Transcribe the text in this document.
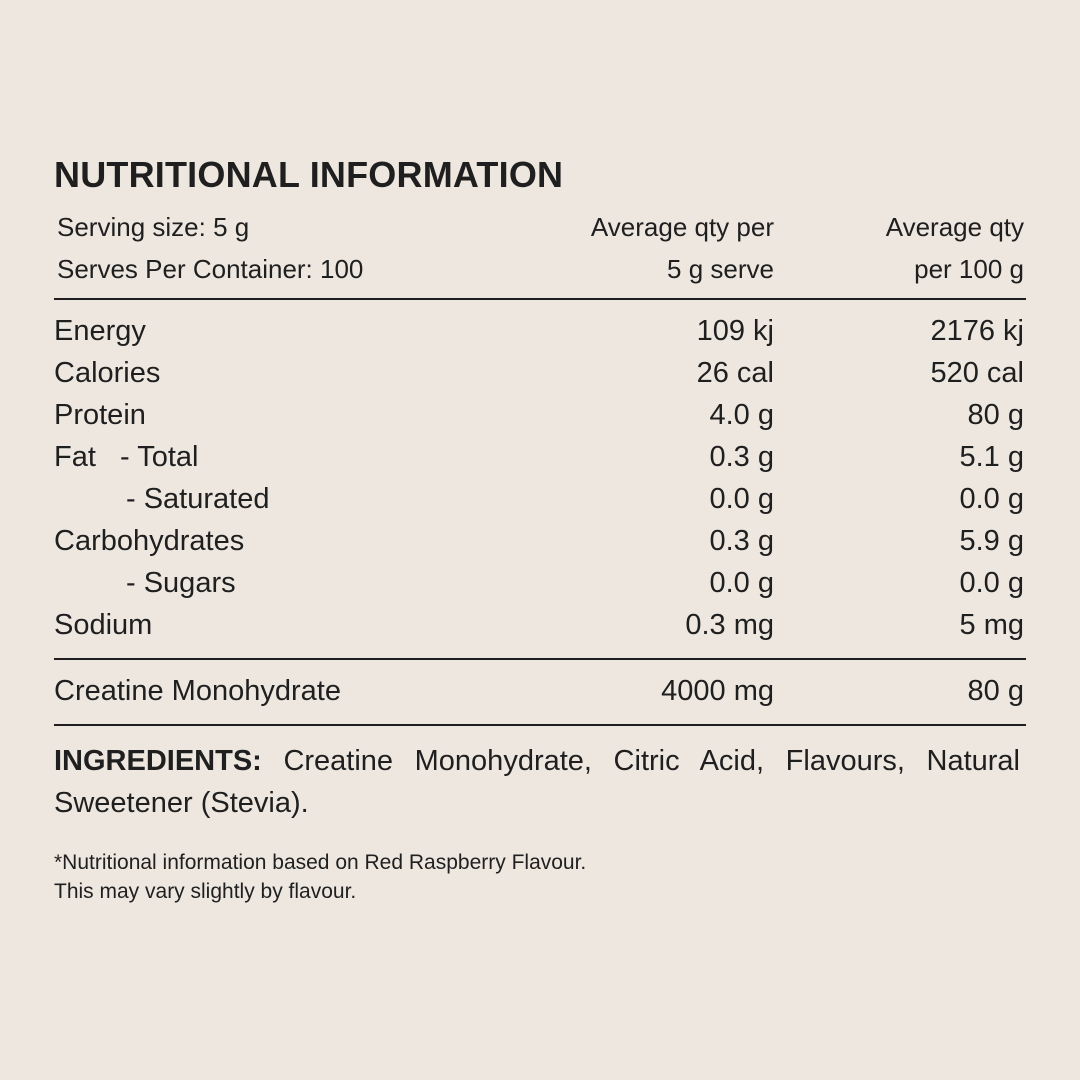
NUTRITIONAL INFORMATION
Serving size: 5 g	Average qty per	Average qty
Serves Per Container: 100	5 g serve	per 100 g
Energy	109 kj	2176 kj
Calories	26 cal	520 cal
Protein	4.0 g	80 g
Fat - Total	0.3 g	5.1 g
- Saturated	0.0 g	0.0 g
Carbohydrates	0.3 g	5.9 g
- Sugars	0.0 g	0.0 g
Sodium	0.3 mg	5 mg
Creatine Monohydrate	4000 mg	80 g
INGREDIENTS: Creatine Monohydrate, Citric Acid, Flavours, Natural Sweetener (Stevia).
*Nutritional information based on Red Raspberry Flavour.
This may vary slightly by flavour.
